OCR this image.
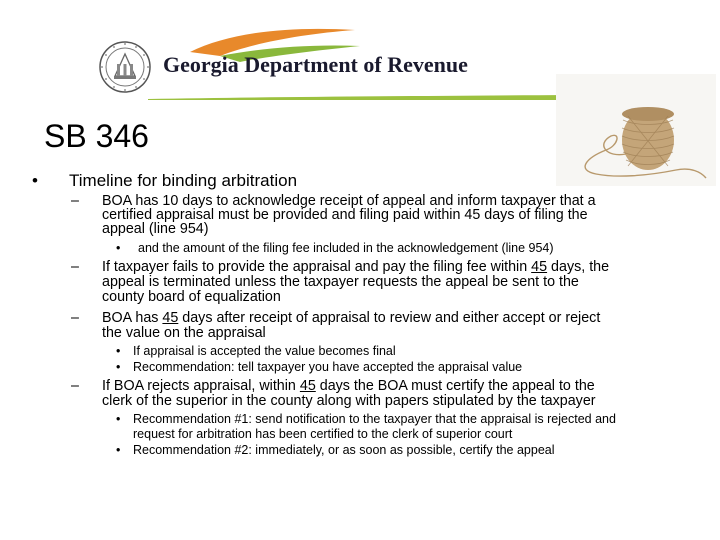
Georgia Department of Revenue
SB 346
• Timeline for binding arbitration
– BOA has 10 days to acknowledge receipt of appeal and inform taxpayer that a
certified appraisal must be provided and filing paid within 45 days of filing the
appeal (line 954)
• and the amount of the filing fee included in the acknowledgement (line 954)
– If taxpayer fails to provide the appraisal and pay the filing fee within 45 days, the
appeal is terminated unless the taxpayer requests the appeal be sent to the
county board of equalization
– BOA has 45 days after receipt of appraisal to review and either accept or reject
the value on the appraisal
• If appraisal is accepted the value becomes final
• Recommendation: tell taxpayer you have accepted the appraisal value
– If BOA rejects appraisal, within 45 days the BOA must certify the appeal to the
clerk of the superior in the county along with papers stipulated by the taxpayer
• Recommendation #1: send notification to the taxpayer that the appraisal is rejected and
request for arbitration has been certified to the clerk of superior court
• Recommendation #2: immediately, or as soon as possible, certify the appeal
